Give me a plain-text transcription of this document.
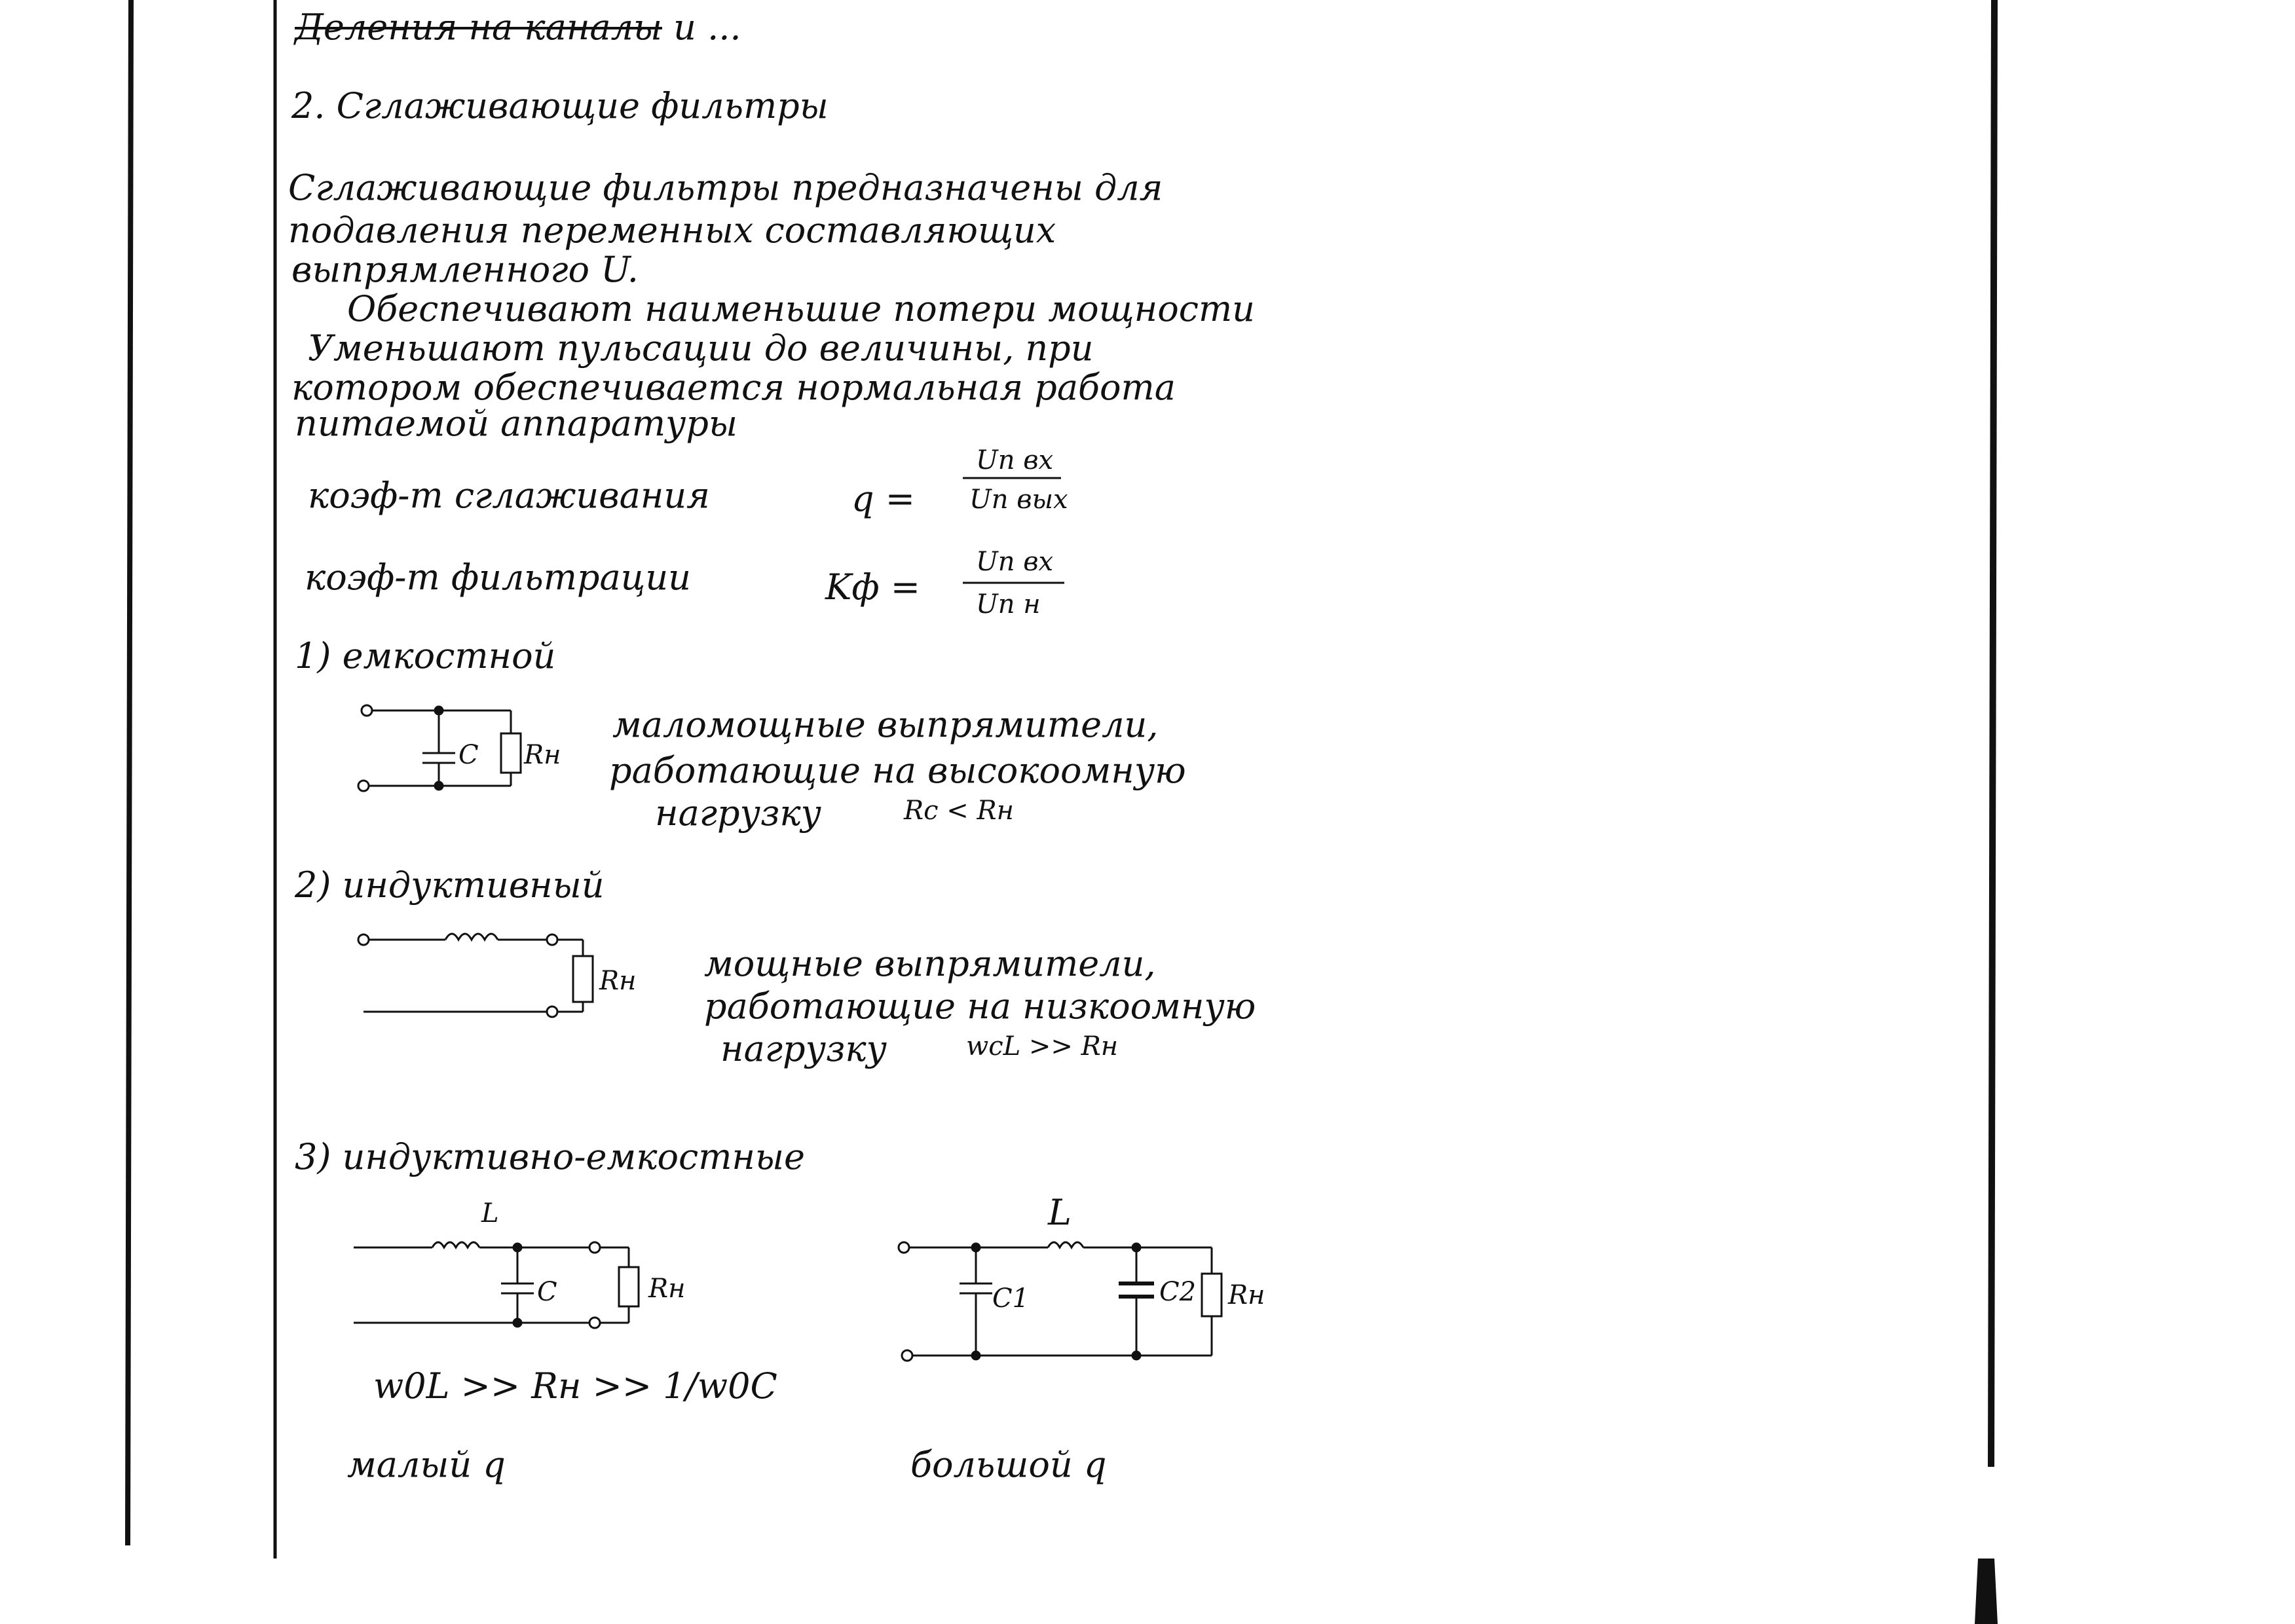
Деления на каналы и ...
2. Сглаживающие фильтры
Сглаживающие фильтры предназначены для
подавления переменных составляющих
выпрямленного U.
Обеспечивают наименьшие потери мощности
Уменьшают пульсации до величины, при
котором обеспечивается нормальная работа
питаемой аппаратуры
коэф-т сглаживания	q =
Uп вх
Uп вых
коэф-т фильтрации	Kф =
Uп вх
Uп н
1) емкостной
C Rн
маломощные выпрямители,
работающие на высокоомную
нагрузку	Rc < Rн
2) индуктивный
Rн мощные выпрямители,
работающие на низкоомную
нагрузку	wcL >> Rн
3) индуктивно-емкостные
L
C	Rн
w0L >> Rн >> 1/w0C
малый q
L
C1	C2 Rн
большой q
